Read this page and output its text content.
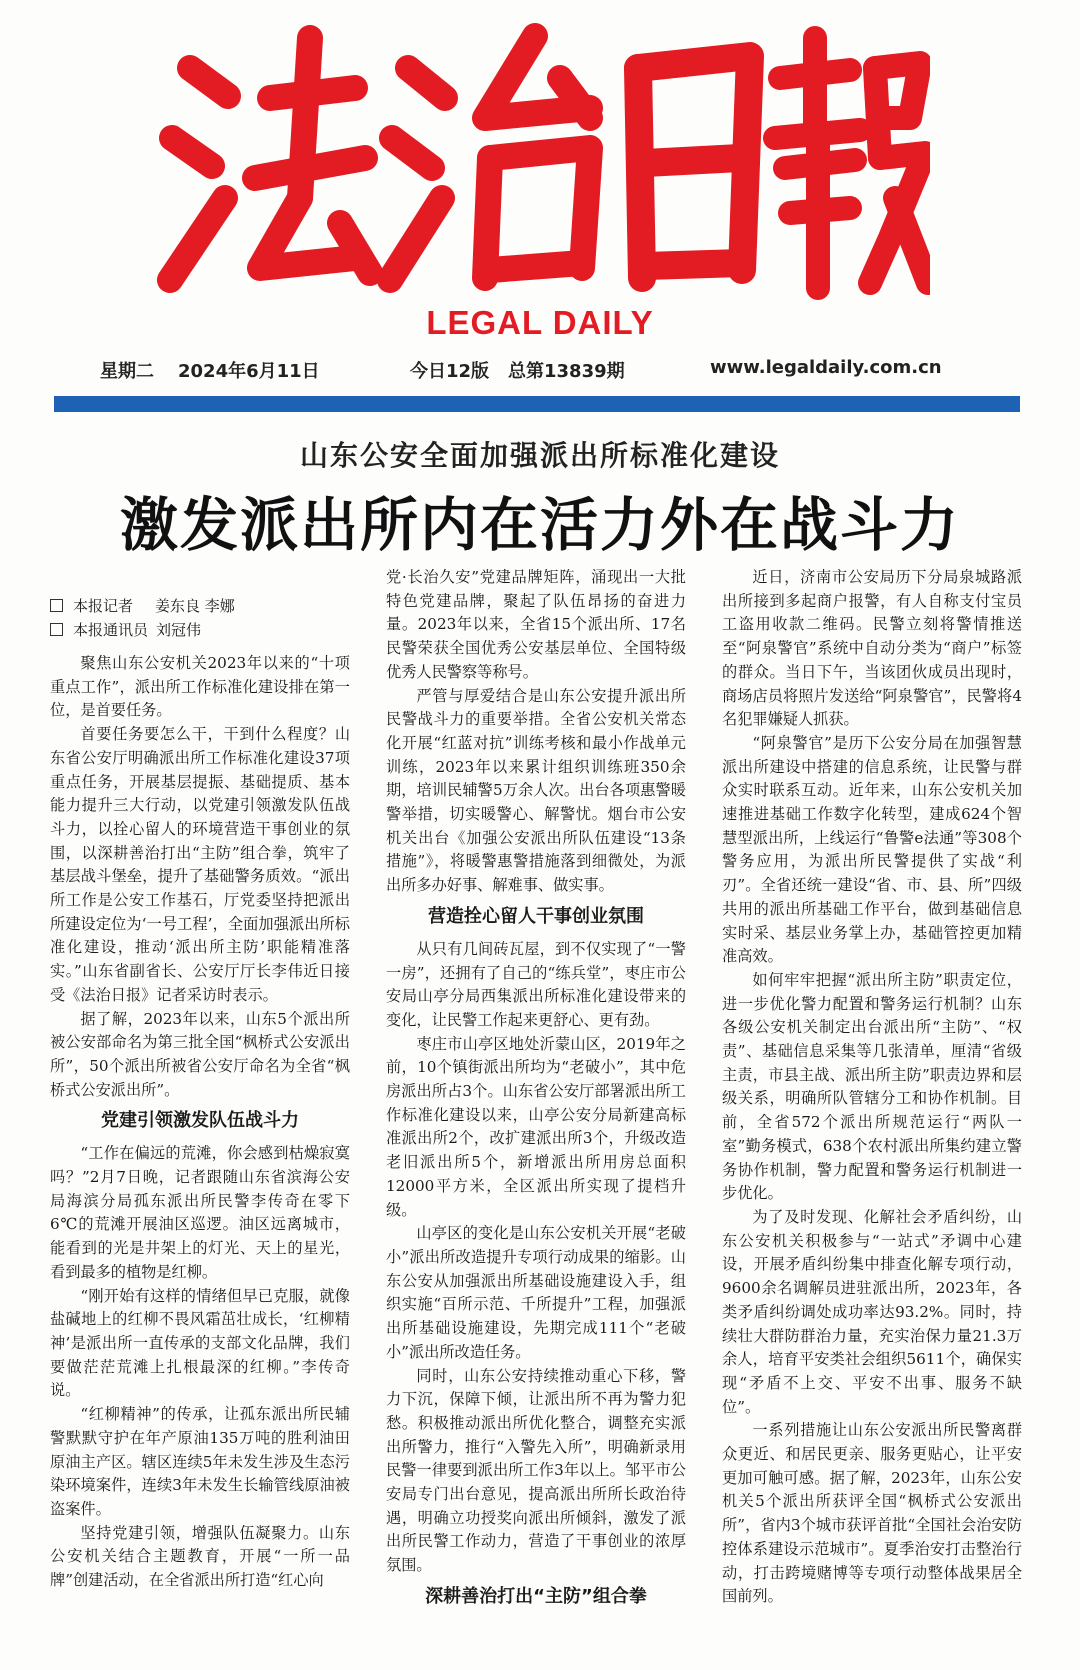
LEGAL DAILY
星期二 2024年6月11日	今日12版 总第13839期	www.legaldaily.com.cn
山东公安全面加强派出所标准化建设
激发派出所内在活力外在战斗力
本报记者 姜东良 李娜
本报通讯员 刘冠伟

聚焦山东公安机关2023年以来的“十项重点工作”，派出所工作标准化建设排在第一位，是首要任务。

首要任务要怎么干，干到什么程度？山东省公安厅明确派出所工作标准化建设37项重点任务，开展基层提振、基础提质、基本能力提升三大行动，以党建引领激发队伍战斗力，以拴心留人的环境营造干事创业的氛围，以深耕善治打出“主防”组合拳，筑牢了基层战斗堡垒，提升了基础警务质效。“派出所工作是公安工作基石，厅党委坚持把派出所建设定位为‘一号工程’，全面加强派出所标准化建设，推动‘派出所主防’职能精准落实。”山东省副省长、公安厅厅长李伟近日接受《法治日报》记者采访时表示。

据了解，2023年以来，山东5个派出所被公安部命名为第三批全国“枫桥式公安派出所”，50个派出所被省公安厅命名为全省“枫桥式公安派出所”。

党建引领激发队伍战斗力

“工作在偏远的荒滩，你会感到枯燥寂寞吗？”2月7日晚，记者跟随山东省滨海公安局海滨分局孤东派出所民警李传奇在零下6℃的荒滩开展油区巡逻。油区远离城市，能看到的光是井架上的灯光、天上的星光，看到最多的植物是红柳。

“刚开始有这样的情绪但早已克服，就像盐碱地上的红柳不畏风霜茁壮成长，‘红柳精神’是派出所一直传承的支部文化品牌，我们要做茫茫荒滩上扎根最深的红柳。”李传奇说。

“红柳精神”的传承，让孤东派出所民辅警默默守护在年产原油135万吨的胜利油田原油主产区。辖区连续5年未发生涉及生态污染环境案件，连续3年未发生长输管线原油被盗案件。

坚持党建引领，增强队伍凝聚力。山东公安机关结合主题教育，开展“一所一品牌”创建活动，在全省派出所打造“红心向

党·长治久安”党建品牌矩阵，涌现出一大批特色党建品牌，聚起了队伍昂扬的奋进力量。2023年以来，全省15个派出所、17名民警荣获全国优秀公安基层单位、全国特级优秀人民警察等称号。

严管与厚爱结合是山东公安提升派出所民警战斗力的重要举措。全省公安机关常态化开展“红蓝对抗”训练考核和最小作战单元训练，2023年以来累计组织训练班350余期，培训民辅警5万余人次。出台各项惠警暖警举措，切实暖警心、解警忧。烟台市公安机关出台《加强公安派出所队伍建设“13条措施”》，将暖警惠警措施落到细微处，为派出所多办好事、解难事、做实事。

营造拴心留人干事创业氛围

从只有几间砖瓦屋，到不仅实现了“一警一房”，还拥有了自己的“练兵堂”，枣庄市公安局山亭分局西集派出所标准化建设带来的变化，让民警工作起来更舒心、更有劲。

枣庄市山亭区地处沂蒙山区，2019年之前，10个镇街派出所均为“老破小”，其中危房派出所占3个。山东省公安厅部署派出所工作标准化建设以来，山亭公安分局新建高标准派出所2个，改扩建派出所3个，升级改造老旧派出所5个，新增派出所用房总面积12000平方米，全区派出所实现了提档升级。

山亭区的变化是山东公安机关开展“老破小”派出所改造提升专项行动成果的缩影。山东公安从加强派出所基础设施建设入手，组织实施“百所示范、千所提升”工程，加强派出所基础设施建设，先期完成111个“老破小”派出所改造任务。

同时，山东公安持续推动重心下移，警力下沉，保障下倾，让派出所不再为警力犯愁。积极推动派出所优化整合，调整充实派出所警力，推行“入警先入所”，明确新录用民警一律要到派出所工作3年以上。邹平市公安局专门出台意见，提高派出所所长政治待遇，明确立功授奖向派出所倾斜，激发了派出所民警工作动力，营造了干事创业的浓厚氛围。

深耕善治打出“主防”组合拳

近日，济南市公安局历下分局泉城路派出所接到多起商户报警，有人自称支付宝员工盗用收款二维码。民警立刻将警情推送至“阿泉警官”系统中自动分类为“商户”标签的群众。当日下午，当该团伙成员出现时，商场店员将照片发送给“阿泉警官”，民警将4名犯罪嫌疑人抓获。

“阿泉警官”是历下公安分局在加强智慧派出所建设中搭建的信息系统，让民警与群众实时联系互动。近年来，山东公安机关加速推进基础工作数字化转型，建成624个智慧型派出所，上线运行“鲁警e法通”等308个警务应用，为派出所民警提供了实战“利刃”。全省还统一建设“省、市、县、所”四级共用的派出所基础工作平台，做到基础信息实时采、基层业务掌上办，基础管控更加精准高效。

如何牢牢把握“派出所主防”职责定位，进一步优化警力配置和警务运行机制？山东各级公安机关制定出台派出所“主防”、“权责”、基础信息采集等几张清单，厘清“省级主责，市县主战、派出所主防”职责边界和层级关系，明确所队管辖分工和协作机制。目前，全省572个派出所规范运行“两队一室”勤务模式，638个农村派出所集约建立警务协作机制，警力配置和警务运行机制进一步优化。

为了及时发现、化解社会矛盾纠纷，山东公安机关积极参与“一站式”矛调中心建设，开展矛盾纠纷集中排查化解专项行动，9600余名调解员进驻派出所，2023年，各类矛盾纠纷调处成功率达93.2%。同时，持续壮大群防群治力量，充实治保力量21.3万余人，培育平安类社会组织5611个，确保实现“矛盾不上交、平安不出事、服务不缺位”。

一系列措施让山东公安派出所民警离群众更近、和居民更亲、服务更贴心，让平安更加可触可感。据了解，2023年，山东公安机关5个派出所获评全国“枫桥式公安派出所”，省内3个城市获评首批“全国社会治安防控体系建设示范城市”。夏季治安打击整治行动，打击跨境赌博等专项行动整体战果居全国前列。
